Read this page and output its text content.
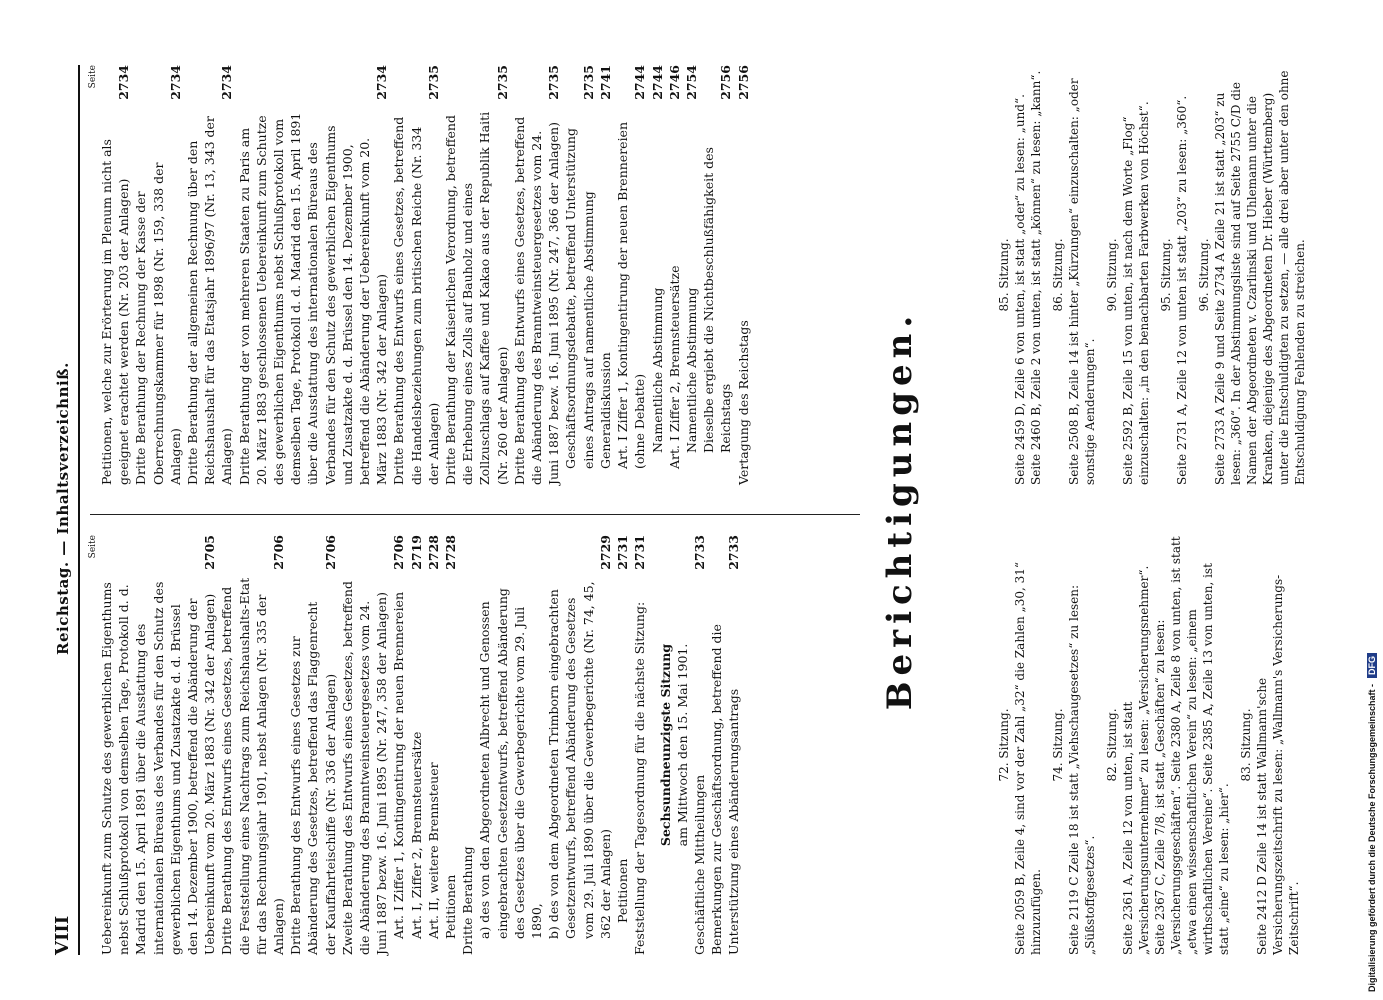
VIII
Reichstag. — Inhaltsverzeichniß. Seite
Uebereinkunft zum Schutze des gewerblichen Eigenthums nebst Schlußprotokoll von demselben Tage, Protokoll d. d. Madrid den 15. April 1891 über die Ausstattung des internationalen Büreaus des Verbandes für den Schutz des gewerblichen Eigenthums und Zusatzakte d. d. Brüssel den 14. Dezember 1900, betreffend die Abänderung der Uebereinkunft vom 20. März 1883 (Nr. 342 der Anlagen)
2705
Dritte Berathung des Entwurfs eines Gesetzes, betreffend die Feststellung eines Nachtrags zum Reichshaushalts-Etat für das Rechnungsjahr 1901, nebst Anlagen (Nr. 335 der Anlagen)
2706
Dritte Berathung des Entwurfs eines Gesetzes zur Abänderung des Gesetzes, betreffend das Flaggenrecht der Kauffahrteischiffe (Nr. 336 der Anlagen)
2706
Zweite Berathung des Entwurfs eines Gesetzes, betreffend die Abänderung des Branntweinsteuergesetzes vom 24. Juni 1887 bezw. 16. Juni 1895 (Nr. 247, 358 der Anlagen) Art. I Ziffer 1, Kontingentirung der neuen Brennereien
2706
Art. I, Ziffer 2, Brennsteuersätze
2719
Art. II, weitere Brennsteuer
2728
Petitionen
2728
Dritte Berathung a) des von den Abgeordneten Albrecht und Genossen eingebrachten Gesetzentwurfs, betreffend Abänderung des Gesetzes über die Gewerbegerichte vom 29. Juli 1890, b) des von dem Abgeordneten Trimborn eingebrachten Gesetzentwurfs, betreffend Abänderung des Gesetzes vom 29. Juli 1890 über die Gewerbegerichte (Nr. 74, 45, 362 der Anlagen)
2729
Petitionen
2731
Feststellung der Tagesordnung für die nächste Sitzung:
2731
Sechsundneunzigste Sitzung am Mittwoch den 15. Mai 1901.
Geschäftliche Mittheilungen
2733
Bemerkungen zur Geschäftsordnung, betreffend die Unterstützung eines Abänderungsantrags
2733
Seite
Petitionen, welche zur Erörterung im Plenum nicht als geeignet erachtet werden (Nr. 203 der Anlagen)
2734
Dritte Berathung der Rechnung der Kasse der Oberrechnungskammer für 1898 (Nr. 159, 338 der Anlagen)
2734
Dritte Berathung der allgemeinen Rechnung über den Reichshaushalt für das Etatsjahr 1896/97 (Nr. 13, 343 der Anlagen)
2734
Dritte Berathung der von mehreren Staaten zu Paris am 20. März 1883 geschlossenen Uebereinkunft zum Schutze des gewerblichen Eigenthums nebst Schlußprotokoll vom demselben Tage, Protokoll d. d. Madrid den 15. April 1891 über die Ausstattung des internationalen Büreaus des Verbandes für den Schutz des gewerblichen Eigenthums und Zusatzakte d. d. Brüssel den 14. Dezember 1900, betreffend die Abänderung der Uebereinkunft vom 20. März 1883 (Nr. 342 der Anlagen)
2734
Dritte Berathung des Entwurfs eines Gesetzes, betreffend die Handelsbeziehungen zum britischen Reiche (Nr. 334 der Anlagen)
2735
Dritte Berathung der Kaiserlichen Verordnung, betreffend die Erhebung eines Zolls auf Bauholz und eines Zollzuschlags auf Kaffee und Kakao aus der Republik Haiti (Nr. 260 der Anlagen)
2735
Dritte Berathung des Entwurfs eines Gesetzes, betreffend die Abänderung des Branntweinsteuergesetzes vom 24. Juni 1887 bezw. 16. Juni 1895 (Nr. 247, 366 der Anlagen)
2735
Geschäftsordnungsdebatte, betreffend Unterstützung eines Antrags auf namentliche Abstimmung
2735
Generaldiskussion
2741
Art. I Ziffer 1, Kontingentirung der neuen Brennereien (ohne Debatte)
2744
Namentliche Abstimmung
2744
Art. I Ziffer 2, Brennsteuersätze
2746
Namentliche Abstimmung
2754
Dieselbe ergiebt die Nichtbeschlußfähigkeit des Reichstags
2756
Vertagung des Reichstags
2756
Berichtigungen.
72. Sitzung. Seite 2059 B, Zeile 4, sind vor der Zahl „32“ die Zahlen „30, 31“ hinzuzufügen.
74. Sitzung. Seite 2119 C Zeile 18 ist statt „Viehschaugesetzes“ zu lesen: „Süßstoffgesetzes“.
82. Sitzung. Seite 2361 A, Zeile 12 von unten, ist statt „Versicherungsunternehmer“ zu lesen: „Versicherungsnehmer“. Seite 2367 C, Zeile 7/8, ist statt „Geschäften“ zu lesen: „Versicherungsgeschäften“. Seite 2380 A, Zeile 8 von unten, ist statt „etwa einen wissenschaftlichen Verein“ zu lesen: „einem wirthschaftlichen Vereine“. Seite 2385 A, Zeile 13 von unten, ist statt „eine“ zu lesen: „hier“.
83. Sitzung. Seite 2412 D Zeile 14 ist statt Wallmann'sche Versicherungszeitschrift zu lesen: „Wallmann's Versicherungs-Zeitschrift“.
85. Sitzung. Seite 2459 D, Zeile 6 von unten, ist statt „oder“ zu lesen: „und“. Seite 2460 B, Zeile 2 von unten, ist statt „können“ zu lesen: „kann“. 86. Sitzung. Seite 2508 B, Zeile 14 ist hinter „Kürzungen“ einzuschalten: „oder sonstige Aenderungen“.
90. Sitzung. Seite 2592 B, Zeile 15 von unten, ist nach dem Worte „Flog“ einzuschalten: „in den benachbarten Farbwerken von Höchst“. 95. Sitzung. Seite 2731 A, Zeile 12 von unten ist statt „203“ zu lesen: „360“. 96. Sitzung. Seite 2733 A Zeile 9 und Seite 2734 A Zeile 21 ist statt „203“ zu lesen: „360“. In der Abstimmungsliste sind auf Seite 2755 C/D die Namen der Abgeordneten v. Czarlinski und Uhlemann unter die Kranken, diejenige des Abgeordneten Dr. Hieber (Württemberg) unter die Entschuldigten zu setzen, — alle drei aber unter den ohne Entschuldigung Fehlenden zu streichen.
Digitalisierung gefördert durch die Deutsche Forschungsgemeinschaft -DFG
